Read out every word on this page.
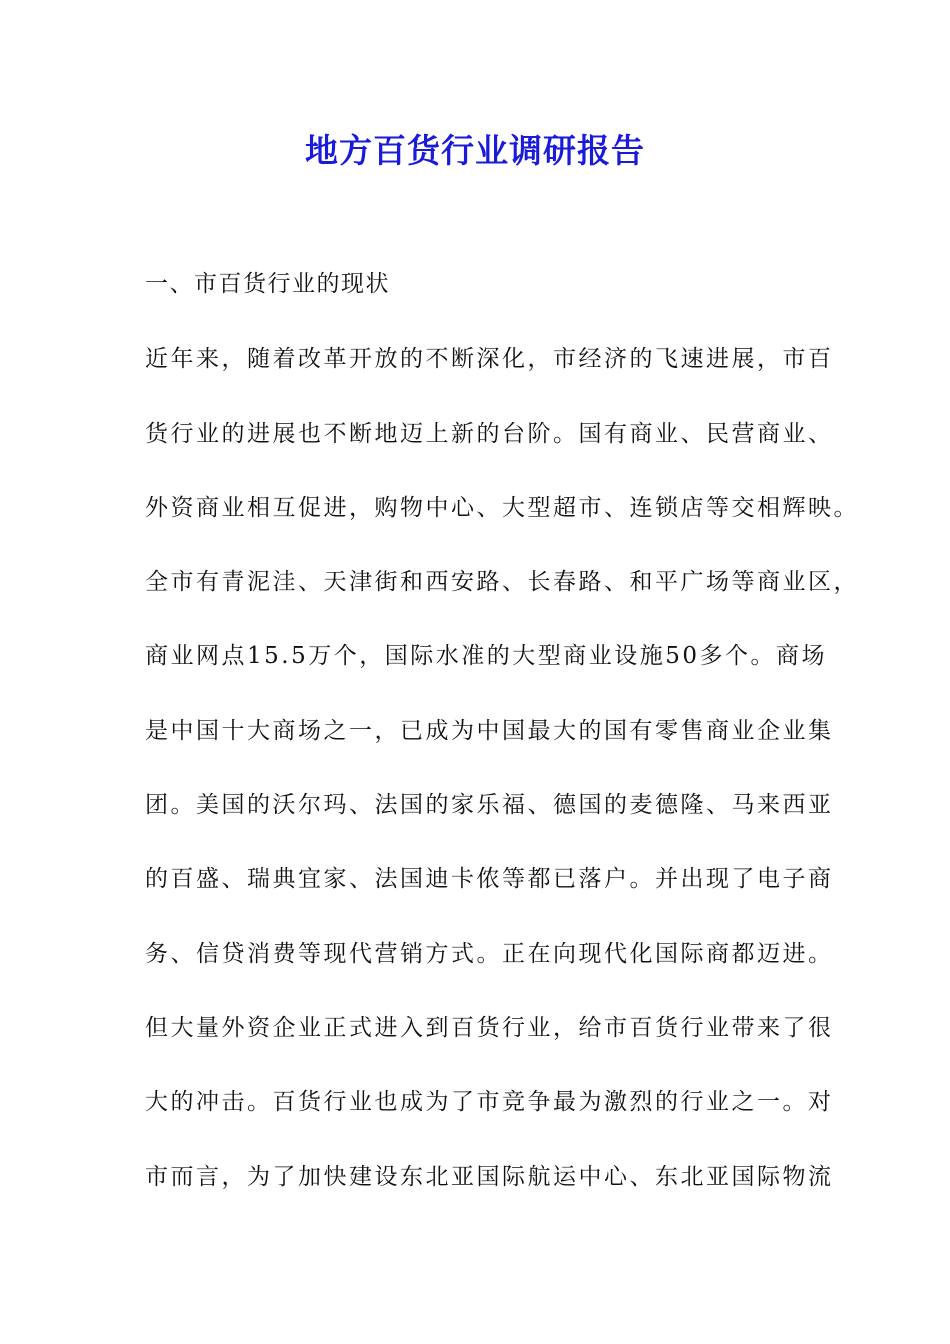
地方百货行业调研报告
一、市百货行业的现状
近年来，随着改革开放的不断深化，市经济的飞速进展，市百
货行业的进展也不断地迈上新的台阶。国有商业、民营商业、
外资商业相互促进，购物中心、大型超市、连锁店等交相辉映。
全市有青泥洼、天津街和西安路、长春路、和平广场等商业区，
商业网点15.5万个，国际水准的大型商业设施50多个。商场
是中国十大商场之一，已成为中国最大的国有零售商业企业集
团。美国的沃尔玛、法国的家乐福、德国的麦德隆、马来西亚
的百盛、瑞典宜家、法国迪卡侬等都已落户。并出现了电子商
务、信贷消费等现代营销方式。正在向现代化国际商都迈进。
但大量外资企业正式进入到百货行业，给市百货行业带来了很
大的冲击。百货行业也成为了市竞争最为激烈的行业之一。对
市而言，为了加快建设东北亚国际航运中心、东北亚国际物流
